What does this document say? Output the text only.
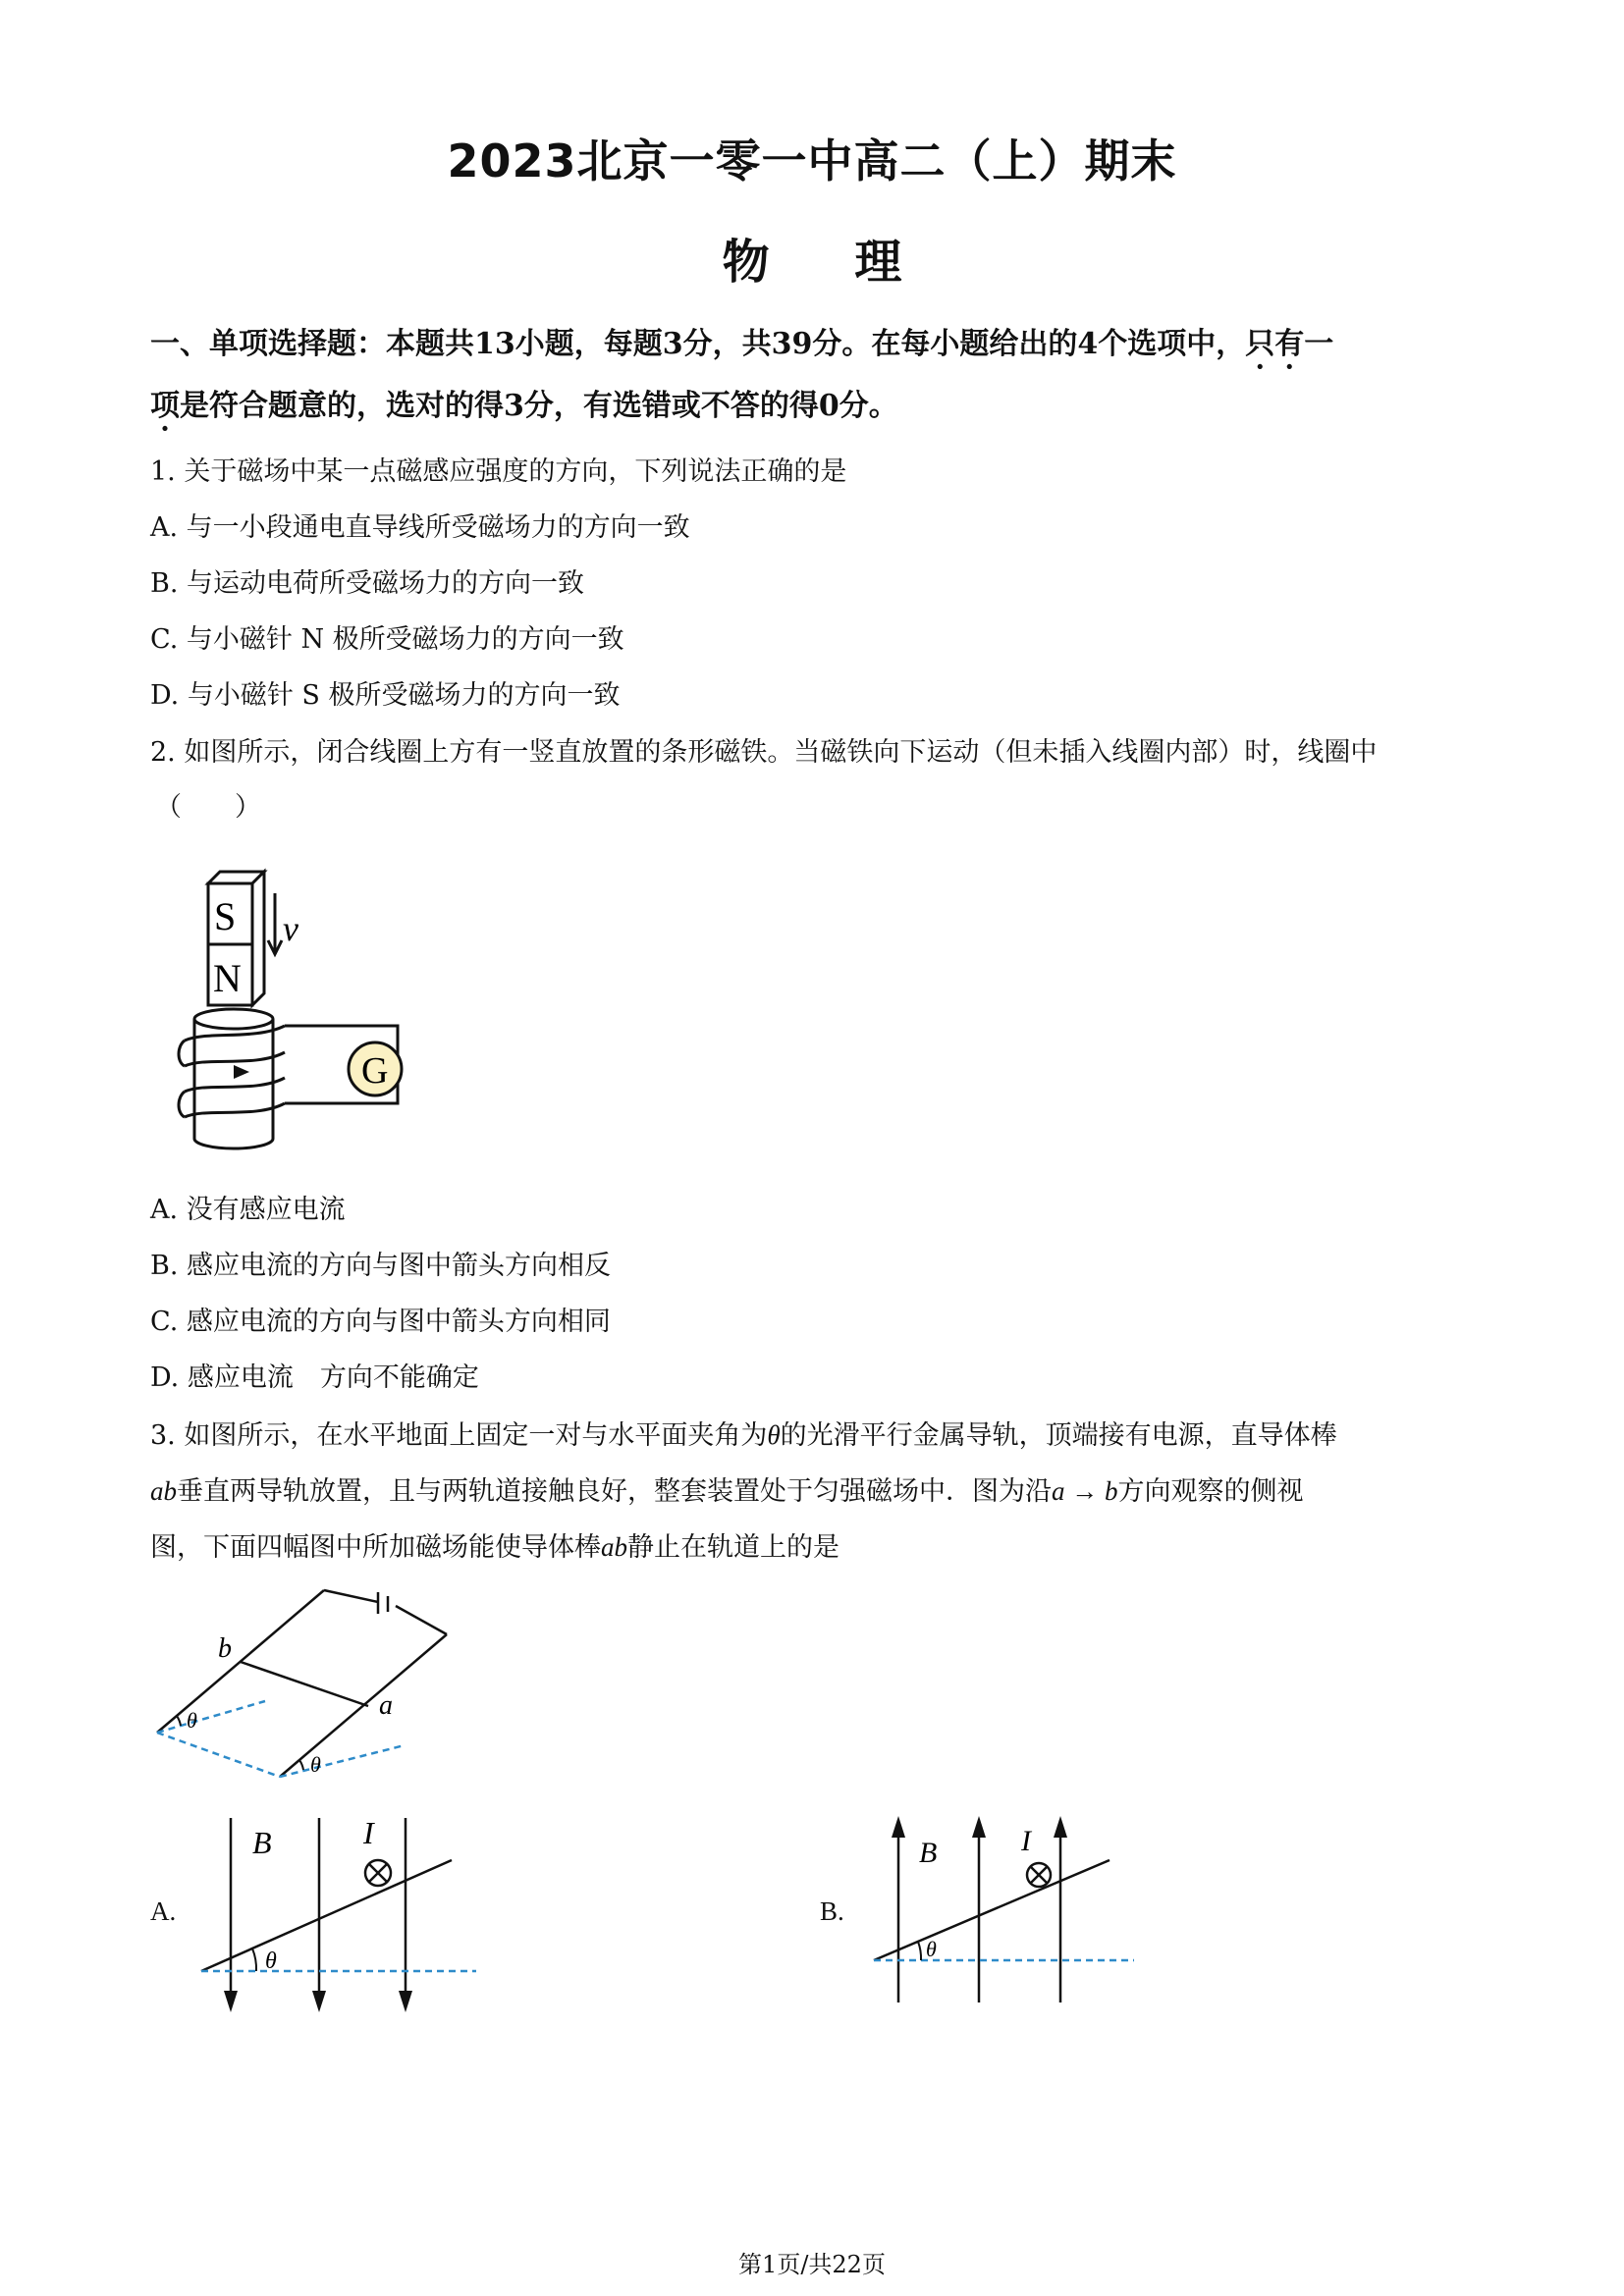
2023北京一零一中高二（上）期末
物 理
一、单项选择题：本题共13小题，每题3分，共39分。在每小题给出的4个选项中，只有一
项是符合题意的，选对的得3分，有选错或不答的得0分。
1. 关于磁场中某一点磁感应强度的方向，下列说法正确的是
A. 与一小段通电直导线所受磁场力的方向一致
B. 与运动电荷所受磁场力的方向一致
C. 与小磁针 N 极所受磁场力的方向一致
D. 与小磁针 S 极所受磁场力的方向一致
2. 如图所示，闭合线圈上方有一竖直放置的条形磁铁。当磁铁向下运动（但未插入线圈内部）时，线圈中
（　　）
S
N
v
G
A. 没有感应电流
B. 感应电流的方向与图中箭头方向相反
C. 感应电流的方向与图中箭头方向相同
D. 感应电流　方向不能确定
3. 如图所示，在水平地面上固定一对与水平面夹角为θ的光滑平行金属导轨，顶端接有电源，直导体棒
ab垂直两导轨放置，且与两轨道接触良好，整套装置处于匀强磁场中．图为沿a → b方向观察的侧视
图，下面四幅图中所加磁场能使导体棒ab静止在轨道上的是
b
a
θ
θ
A.
B	I
θ
B.
B	I
θ
第1页/共22页
